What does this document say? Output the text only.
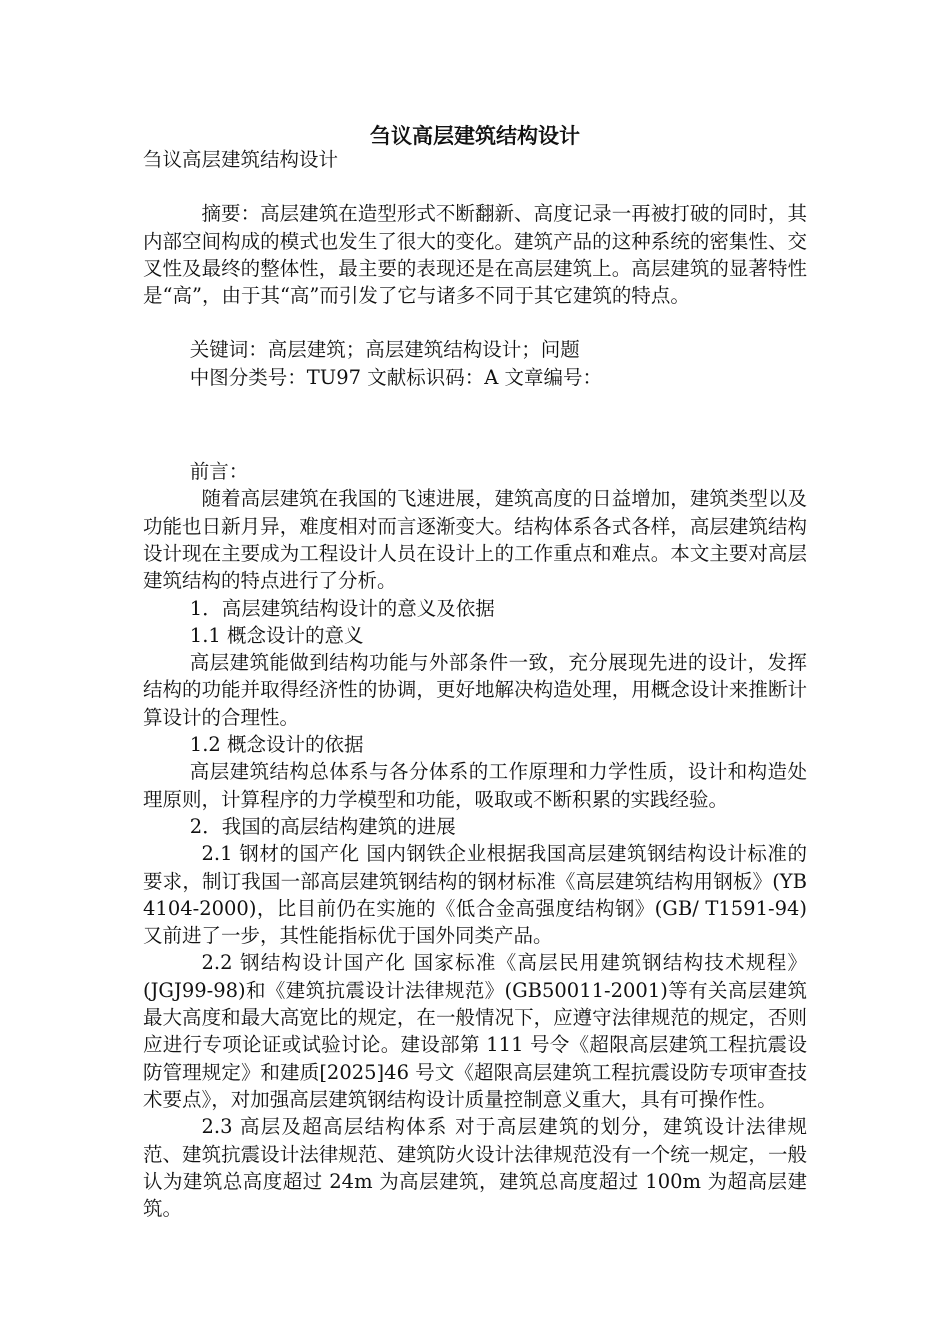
刍议高层建筑结构设计

刍议高层建筑结构设计

摘要：高层建筑在造型形式不断翻新、高度记录一再被打破的同时，其内部空间构成的模式也发生了很大的变化。建筑产品的这种系统的密集性、交叉性及最终的整体性，最主要的表现还是在高层建筑上。高层建筑的显著特性是“高”，由于其“高”而引发了它与诸多不同于其它建筑的特点。

关键词：高层建筑；高层建筑结构设计；问题

中图分类号：TU97 文献标识码：A 文章编号：

前言：

随着高层建筑在我国的飞速进展，建筑高度的日益增加，建筑类型以及功能也日新月异，难度相对而言逐渐变大。结构体系各式各样，高层建筑结构设计现在主要成为工程设计人员在设计上的工作重点和难点。本文主要对高层建筑结构的特点进行了分析。

1．高层建筑结构设计的意义及依据

1.1 概念设计的意义

高层建筑能做到结构功能与外部条件一致，充分展现先进的设计，发挥结构的功能并取得经济性的协调，更好地解决构造处理，用概念设计来推断计算设计的合理性。

1.2 概念设计的依据

高层建筑结构总体系与各分体系的工作原理和力学性质，设计和构造处理原则，计算程序的力学模型和功能，吸取或不断积累的实践经验。

2．我国的高层结构建筑的进展

2.1 钢材的国产化 国内钢铁企业根据我国高层建筑钢结构设计标准的要求，制订我国一部高层建筑钢结构的钢材标准《高层建筑结构用钢板》(YB 4104-2000)，比目前仍在实施的《低合金高强度结构钢》(GB/ T1591-94)又前进了一步，其性能指标优于国外同类产品。

2.2 钢结构设计国产化 国家标准《高层民用建筑钢结构技术规程》(JGJ99-98)和《建筑抗震设计法律规范》(GB50011-2001)等有关高层建筑最大高度和最大高宽比的规定，在一般情况下，应遵守法律规范的规定，否则应进行专项论证或试验讨论。建设部第 111 号令《超限高层建筑工程抗震设防管理规定》和建质[2025]46 号文《超限高层建筑工程抗震设防专项审查技术要点》，对加强高层建筑钢结构设计质量控制意义重大，具有可操作性。

2.3 高层及超高层结构体系 对于高层建筑的划分，建筑设计法律规范、建筑抗震设计法律规范、建筑防火设计法律规范没有一个统一规定，一般认为建筑总高度超过 24m 为高层建筑，建筑总高度超过 100m 为超高层建筑。
